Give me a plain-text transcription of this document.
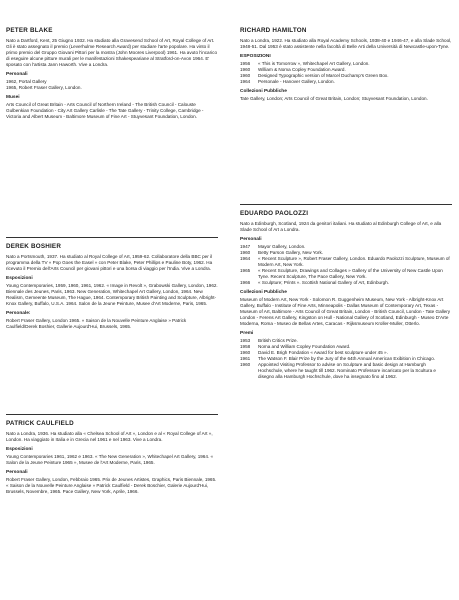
PETER BLAKE

Nato a Dartford, Kent, 25 Giugno 1932. Ha studiato alla Gravesend School of Art, Royal College of Art. Gli è stato assegnato il premio (Leverhulme Research Award) per studiare l'arte popolare. Ha vinto il primo premio del Gruppo Giovani Pittori per la mostra (John Moores Liverpool) 1961. Ha avuto l'incarico di eseguire alcune pitture murali per le manifestazioni Shakespeariane al Stratford-on-Avon 1964. E' sposato con l'artista Jann Haworth. Vive a Londra.

Personali
1962, Portal Gallery
1965, Robert Fraser Gallery, London.
Musei

Arts Council of Great Britain - Arts Council of Northern Ireland - The British Council - Calouste Gulbenkian Foundation - City Art Gallery Carlisle - The Tate Gallery - Trinity College, Cambridge - Victoria and Albert Museum - Baltimore Museum of Fine Art - Stuyvesant Foundation, London.

DEREK BOSHIER

Nato a Portsmouth, 1937. Ha studiato al Royal College of Art, 1959-62. Collaboratore della BBC per il programma della TV « Pop Goes the Easel » con Peter Blake, Peter Phillips e Pauline Boty, 1962. Ha ricevuto il Premio dell'Arts Council per giovani pittori e una borsa di viaggio per l'India. Vive a Londra.

Esposizioni

Young Contemporaries, 1959, 1960, 1961, 1962. « Image in Revolt », Grabowski Gallery, London, 1962. Biennale des Jeunes, Paris, 1963. New Generation, Whitechapel Art Gallery, London, 1964. New Realism, Gemeente Museum, The Hague, 1964. Contemporary British Painting and Sculpture, Albright-Knox Gallery, Buffalo, U.S.A. 1964. Salon de la Jeune Peinture, Musee d'Art Moderne, Paris, 1965.

Personale:

Robert Fraser Gallery, London 1965. « Saison de la Nouvelle Peinture Anglaise » Patrick Caulfield/Derek Boshier, Gallerie Aujourd'Hui, Brussels, 1965.

PATRICK CAULFIELD

Nato a Londra, 1936. Ha studiato alla « Chelsea School of Art », London e al « Royal College of Art », London. Ha viaggiato in Italia e in Grecia nel 1961 e nel 1963. Vive a Londra.

Esposizioni

Young Contemporaries 1961, 1962 e 1963. « The New Generation », Whitechapel Art Gallery, 1964. « Salon de la Jeune Peinture 1965 », Musee de l'Art Moderne, Paris, 1965.

Personali

Robert Fraser Gallery, London, Febbraio 1965. Prix de Jeunes Artistes, Graphics, Paris Biennale, 1965. « Saison de la Nouvelle Peinture Anglaise » Patrick Caulfield - Derek Boschier, Galerie Aujourd'Hui, Brussels, Novembre, 1965. Pace Gallery, New York, Aprile, 1966.

RICHARD HAMILTON

Nato a Londra, 1922. Ha studiato alla Royal Academy Schools, 1938-40 e 1946-47, e alla Slade School, 1948-51. Dal 1953 è stato assistente nella facoltà di Belle Arti della Università di Newcastle-upon-Tyne.

ESPOSIZIONI
1956	« This is Tomorrow », Whitechapel Art Gallery, London.
1960	William & Noma Copley Foundation Award.
1960	Designed Typographic version of Marcel Duchamp's Green Box.
1964	Personale - Hanover Gallery, London.
Collezioni Pubbliche

Tate Gallery, London; Arts Council of Great Britain, London; Stuyvesant Foundation, London.

EDUARDO PAOLOZZI

Nato a Edinburgh, Scotland, 1924 da genitori italiani. Ha studiato al Edinburgh College of Art, e alla Slade School of Art a Londra.

Personali
1947	Mayor Gallery, London.
1960	Betty Parson Gallery, New York.
1964	« Recent Sculpture », Robert Fraser Gallery, London. Eduardo Paolozzi Sculpture, Museum of Modern Art, New York.
1965	« Recent Sculpture, Drawings and Collages » Gallery of the University of New Castle Upon Tyne. Recent Sculpture, The Pace Gallery, New York.
1966	« Sculpture; Prints ». Scottish National Gallery of Art, Edinburgh.
Collezioni Pubbliche

Museum of Modern Art, New York - Solomon R. Guggenheim Museum, New York - Albright-Knox Art Gallery, Buffalo - Institute of Fine Arts, Minneapolis - Dallas Museum of Contemporary Art, Texas - Museum of Art, Baltimore - Arts Council of Great Britain, London - British Council, London - Tate Gallery London - Ferens Art Gallery, Kingston on Hull - National Gallery of Scotland, Edinburgh - Museo D'Arte Moderna, Roma - Museo de Bellas Artes, Caracas - Rijksmuseum Kroller-Muller, Otterlo.

Premi
1953	British Critics Prize.
1958	Noma and William Copley Foundation Award.
1960	David E. Brigh Fondation « Award for best sculpture under 45 ».
1961	The Watson F. Blair Prize by the Jury of the 64th Annual American Exibition in Chicago.
1960	Appointed Visiting Professor to advise on Sculpture and basic design at Hamburgh Hochschule, where he taught till 1962. Nominato Professore incaricato per la Scultura e disegno alla Hamburgh Hochschule, dove ha insegnato fino al 1962.
